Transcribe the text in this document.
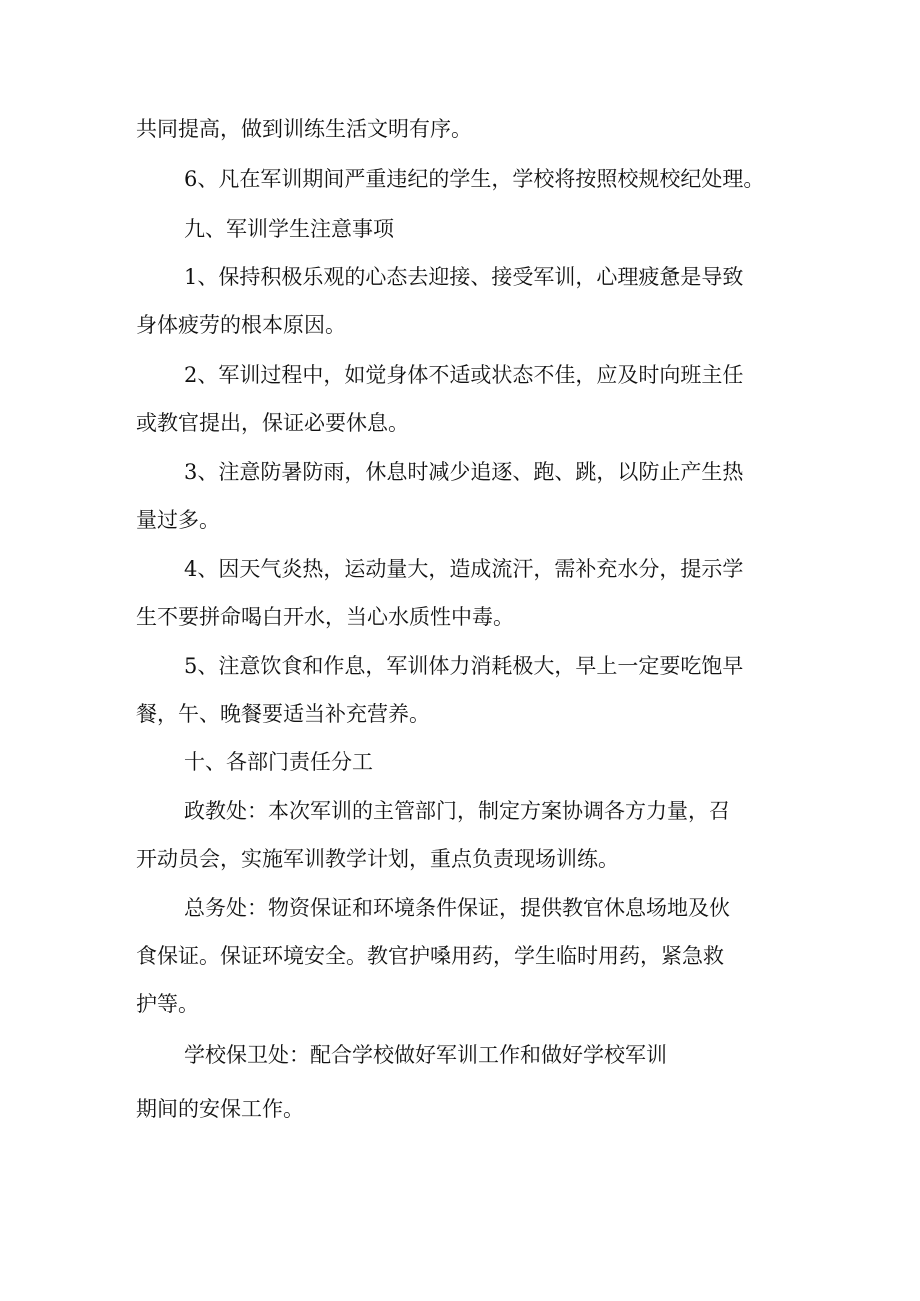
共同提高，做到训练生活文明有序。

6、凡在军训期间严重违纪的学生，学校将按照校规校纪处理。

九、军训学生注意事项

1、保持积极乐观的心态去迎接、接受军训，心理疲惫是导致
身体疲劳的根本原因。

2、军训过程中，如觉身体不适或状态不佳，应及时向班主任
或教官提出，保证必要休息。

3、注意防暑防雨，休息时减少追逐、跑、跳，以防止产生热
量过多。

4、因天气炎热，运动量大，造成流汗，需补充水分，提示学
生不要拼命喝白开水，当心水质性中毒。

5、注意饮食和作息，军训体力消耗极大，早上一定要吃饱早
餐，午、晚餐要适当补充营养。

十、各部门责任分工

政教处：本次军训的主管部门，制定方案协调各方力量，召
开动员会，实施军训教学计划，重点负责现场训练。

总务处：物资保证和环境条件保证，提供教官休息场地及伙
食保证。保证环境安全。教官护嗓用药，学生临时用药，紧急救
护等。

学校保卫处：配合学校做好军训工作和做好学校军训
期间的安保工作。
